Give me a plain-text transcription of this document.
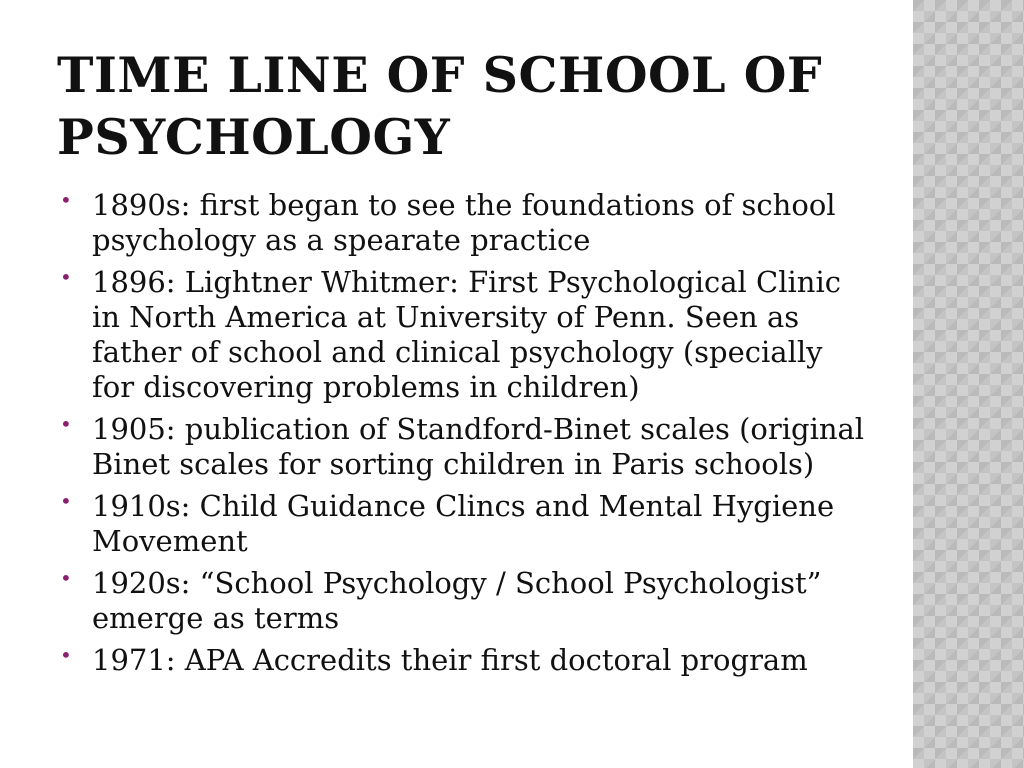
TIME LINE OF SCHOOL OF PSYCHOLOGY
• 1890s: first began to see the foundations of school psychology as a spearate practice
• 1896: Lightner Whitmer: First Psychological Clinic in North America at University of Penn. Seen as father of school and clinical psychology (specially for discovering problems in children)
• 1905: publication of Standford-Binet scales (original Binet scales for sorting children in Paris schools)
• 1910s: Child Guidance Clincs and Mental Hygiene Movement
• 1920s: “School Psychology / School Psychologist” emerge as terms
• 1971: APA Accredits their first doctoral program
